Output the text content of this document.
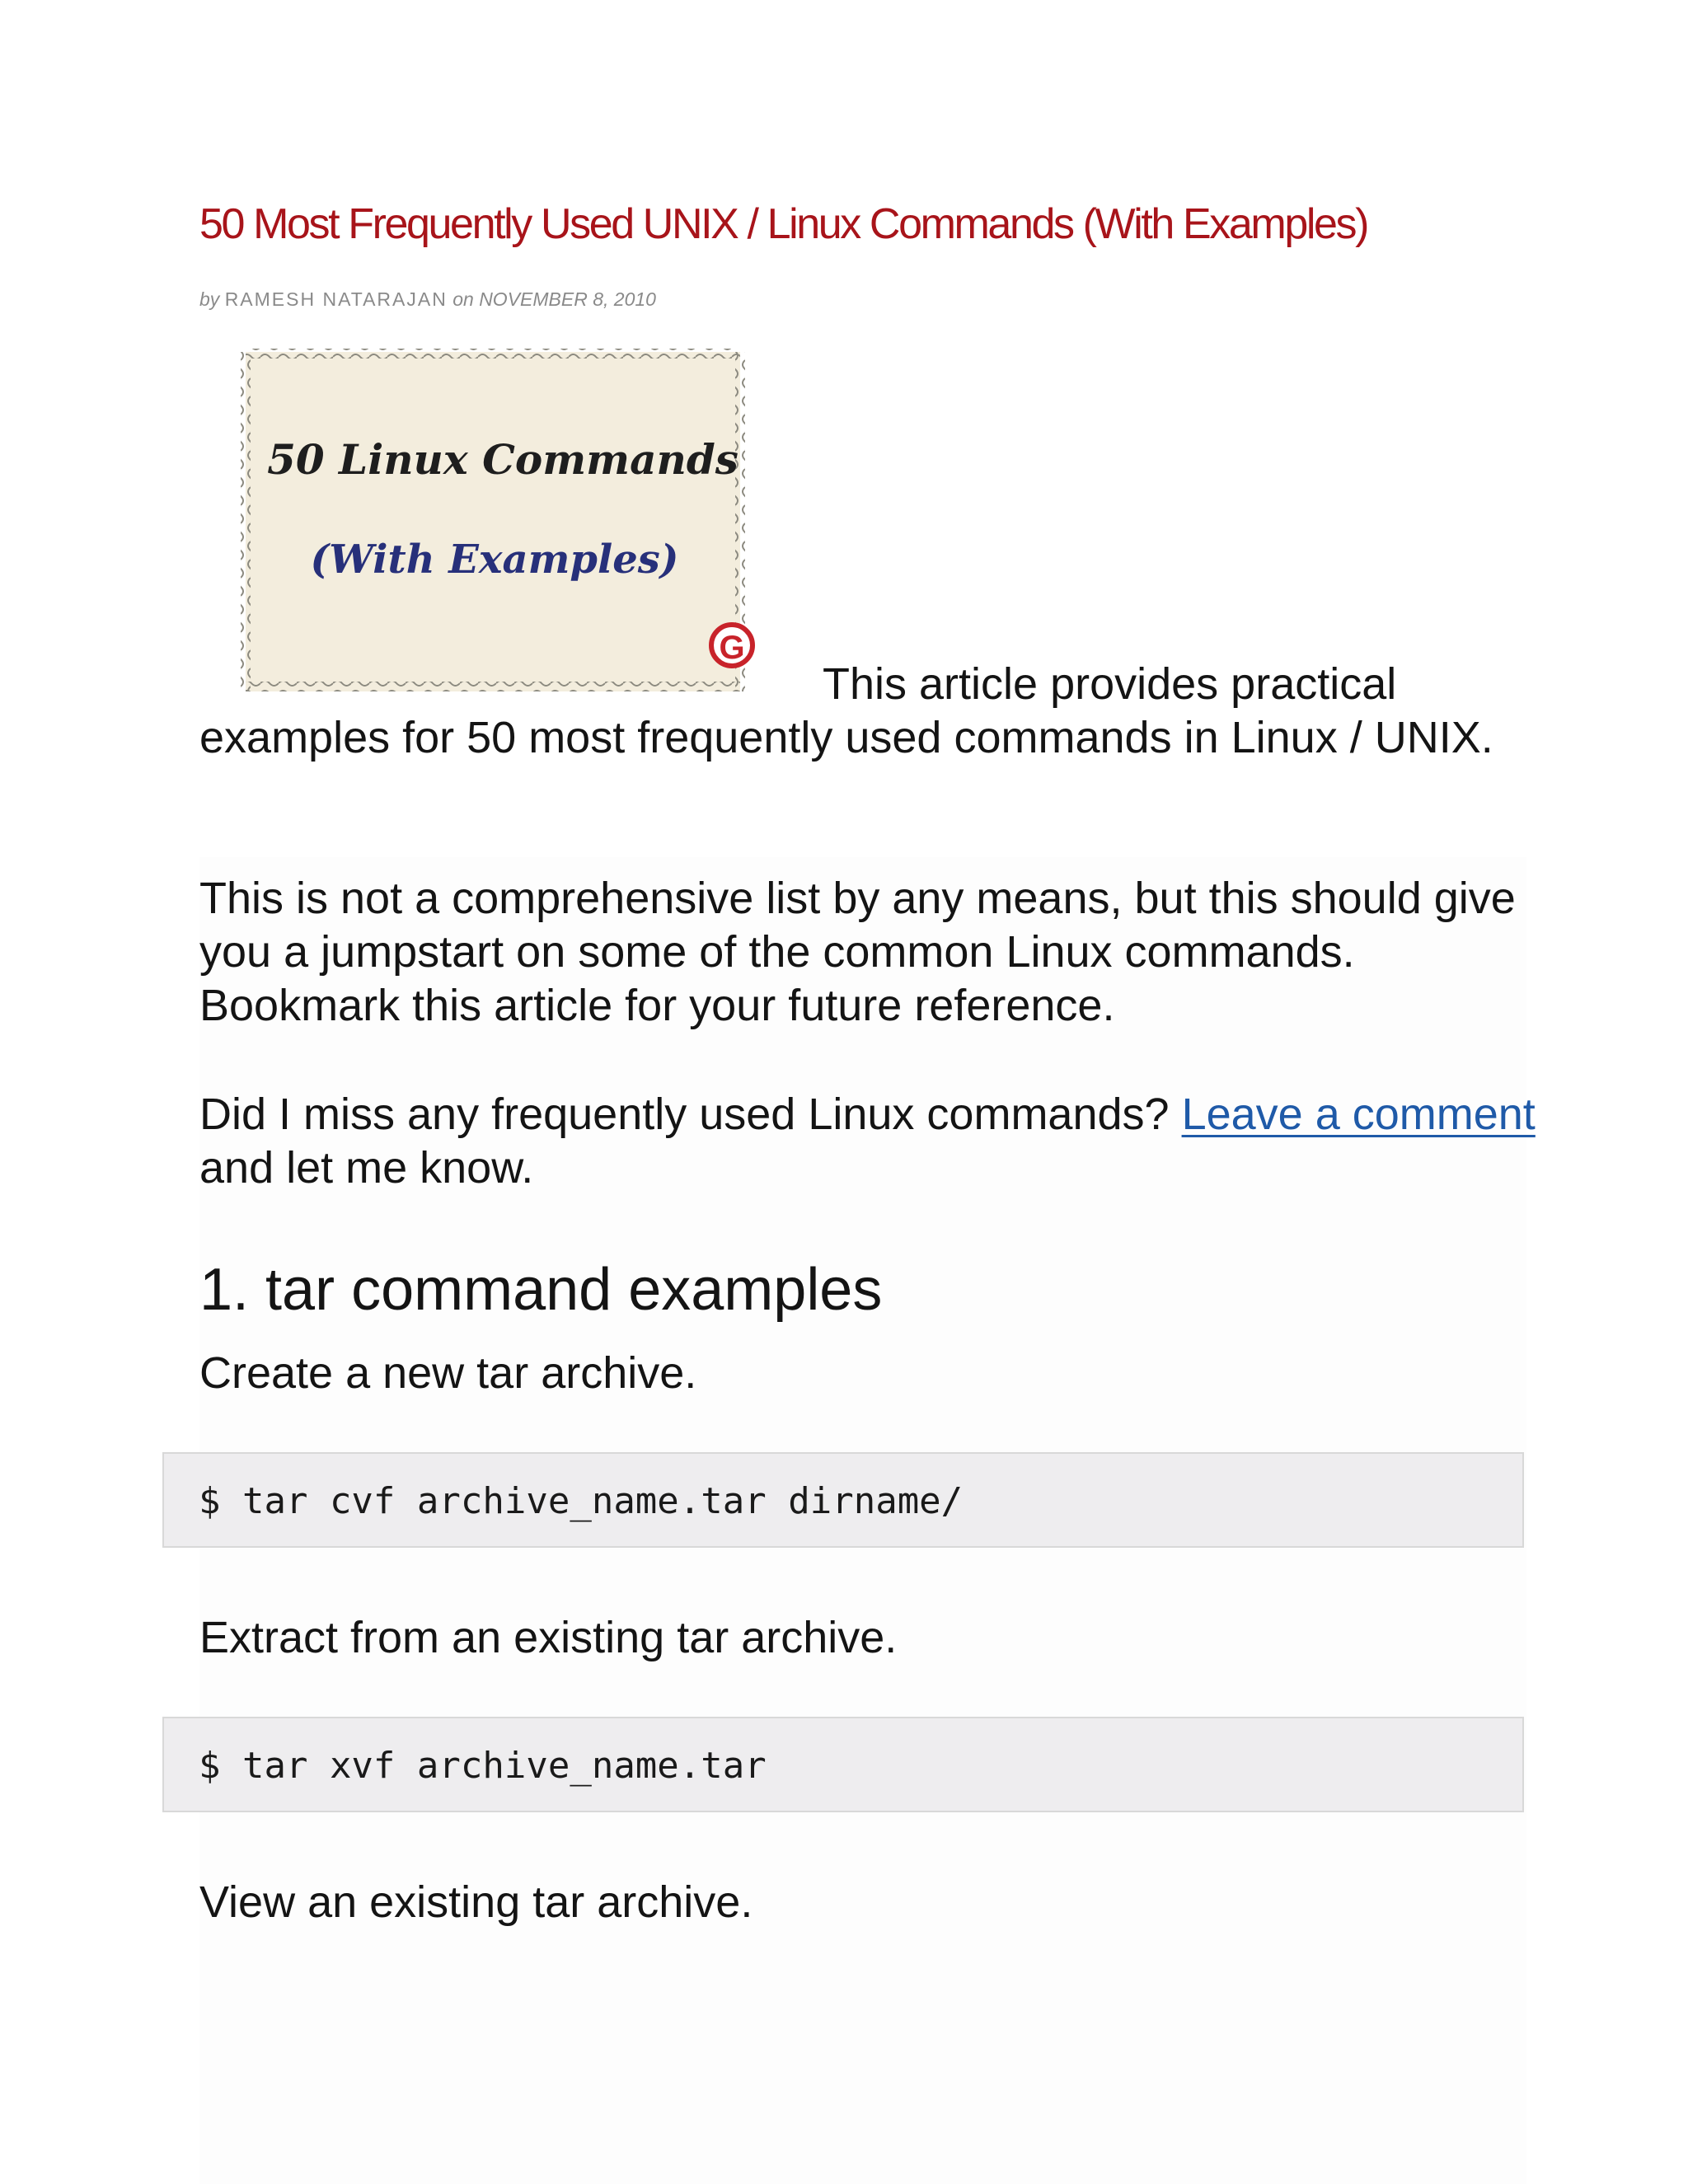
50 Most Frequently Used UNIX / Linux Commands (With Examples)
by RAMESH NATARAJAN on NOVEMBER 8, 2010
50 Linux Commands
(With Examples)
G
This article provides practical
examples for 50 most frequently used commands in Linux / UNIX.
This is not a comprehensive list by any means, but this should give you a jumpstart on some of the common Linux commands. Bookmark this article for your future reference.
Did I miss any frequently used Linux commands? Leave a comment and let me know.
1. tar command examples
Create a new tar archive.
$ tar cvf archive_name.tar dirname/
Extract from an existing tar archive.
$ tar xvf archive_name.tar
View an existing tar archive.
